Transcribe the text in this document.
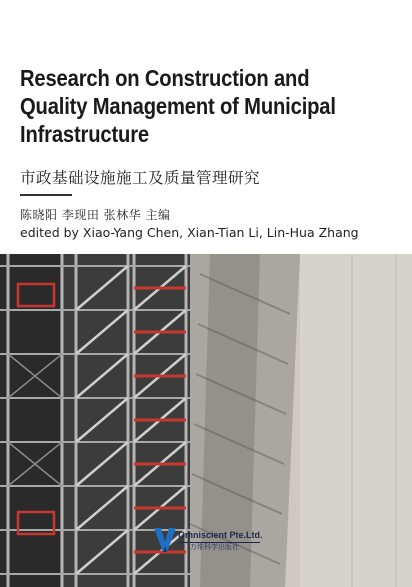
Research on Construction and
Quality Management of Municipal
Infrastructure
市政基础设施施工及质量管理研究
陈晓阳 李现田 张林华 主编
edited by Xiao-Yang Chen, Xian-Tian Li, Lin-Hua Zhang
Omniscient Pte.Ltd.
万维科学出版社
